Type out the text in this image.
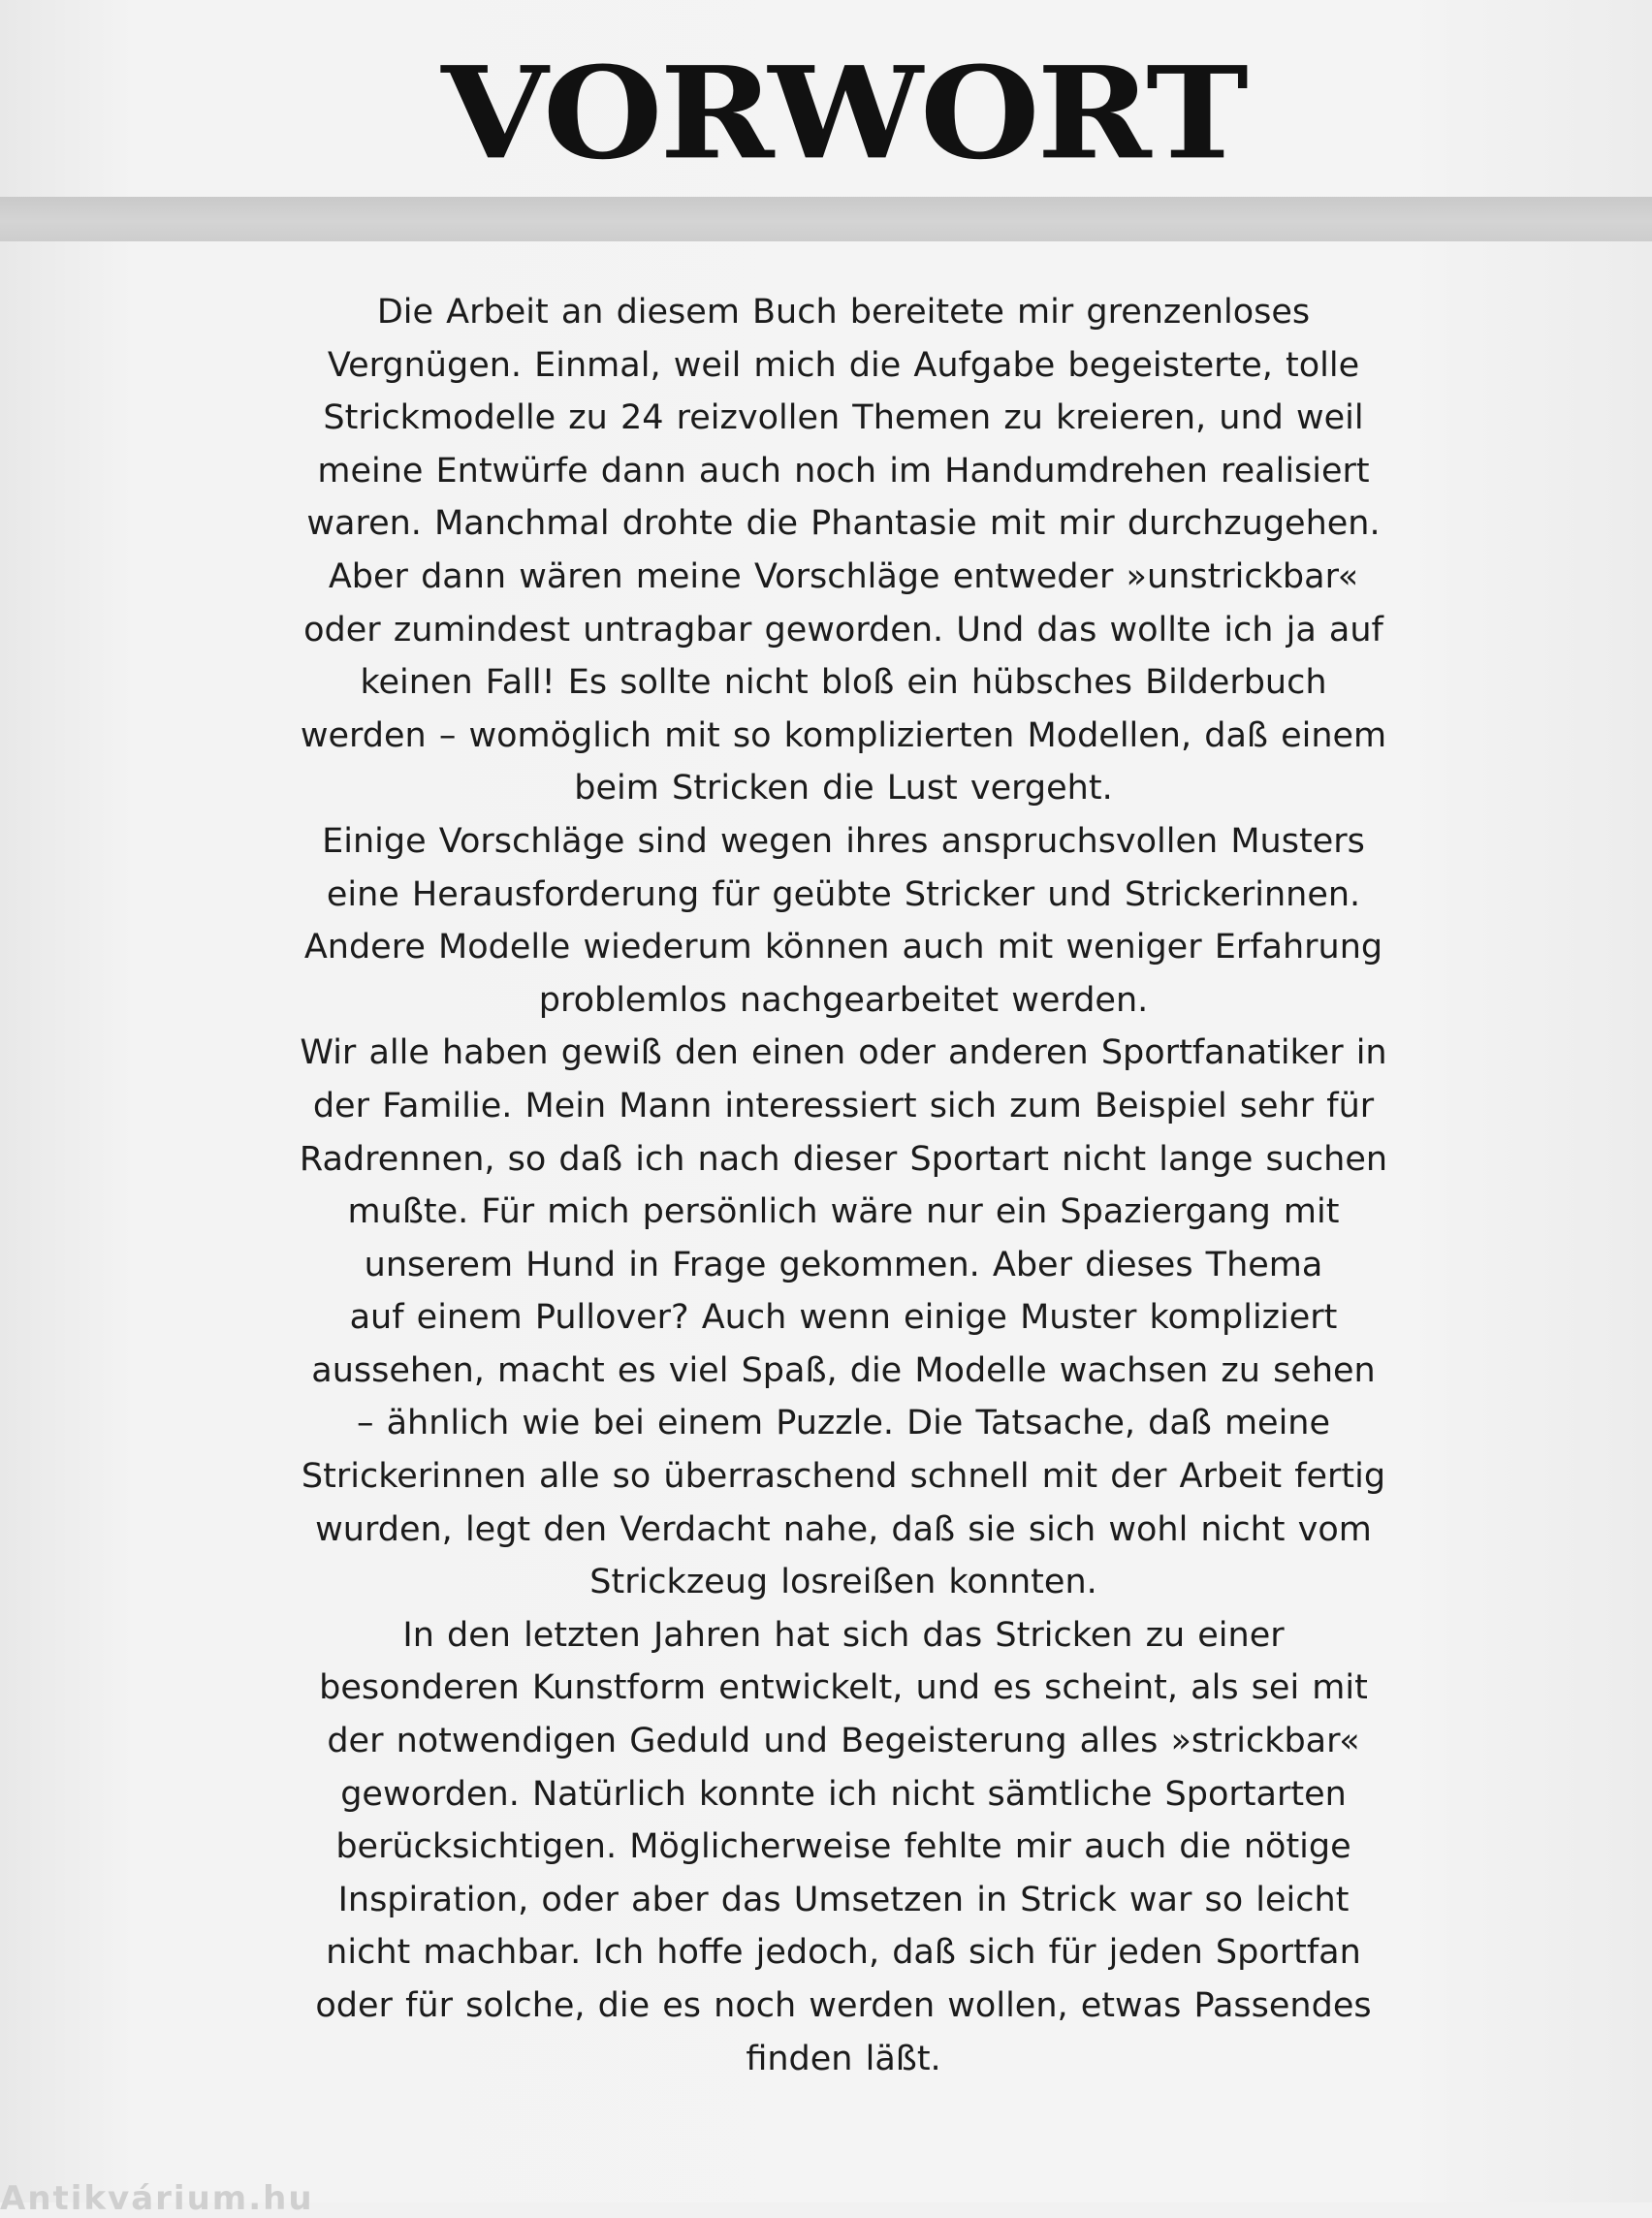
VORWORT
Die Arbeit an diesem Buch bereitete mir grenzenloses
Vergnügen. Einmal, weil mich die Aufgabe begeisterte, tolle
Strickmodelle zu 24 reizvollen Themen zu kreieren, und weil
meine Entwürfe dann auch noch im Handumdrehen realisiert
waren. Manchmal drohte die Phantasie mit mir durchzugehen.
Aber dann wären meine Vorschläge entweder »unstrickbar«
oder zumindest untragbar geworden. Und das wollte ich ja auf
keinen Fall! Es sollte nicht bloß ein hübsches Bilderbuch
werden – womöglich mit so komplizierten Modellen, daß einem
beim Stricken die Lust vergeht.
Einige Vorschläge sind wegen ihres anspruchsvollen Musters
eine Herausforderung für geübte Stricker und Strickerinnen.
Andere Modelle wiederum können auch mit weniger Erfahrung
problemlos nachgearbeitet werden.
Wir alle haben gewiß den einen oder anderen Sportfanatiker in
der Familie. Mein Mann interessiert sich zum Beispiel sehr für
Radrennen, so daß ich nach dieser Sportart nicht lange suchen
mußte. Für mich persönlich wäre nur ein Spaziergang mit
unserem Hund in Frage gekommen. Aber dieses Thema
auf einem Pullover? Auch wenn einige Muster kompliziert
aussehen, macht es viel Spaß, die Modelle wachsen zu sehen
– ähnlich wie bei einem Puzzle. Die Tatsache, daß meine
Strickerinnen alle so überraschend schnell mit der Arbeit fertig
wurden, legt den Verdacht nahe, daß sie sich wohl nicht vom
Strickzeug losreißen konnten.
In den letzten Jahren hat sich das Stricken zu einer
besonderen Kunstform entwickelt, und es scheint, als sei mit
der notwendigen Geduld und Begeisterung alles »strickbar«
geworden. Natürlich konnte ich nicht sämtliche Sportarten
berücksichtigen. Möglicherweise fehlte mir auch die nötige
Inspiration, oder aber das Umsetzen in Strick war so leicht
nicht machbar. Ich hoffe jedoch, daß sich für jeden Sportfan
oder für solche, die es noch werden wollen, etwas Passendes
finden läßt.
Antikvárium.hu
